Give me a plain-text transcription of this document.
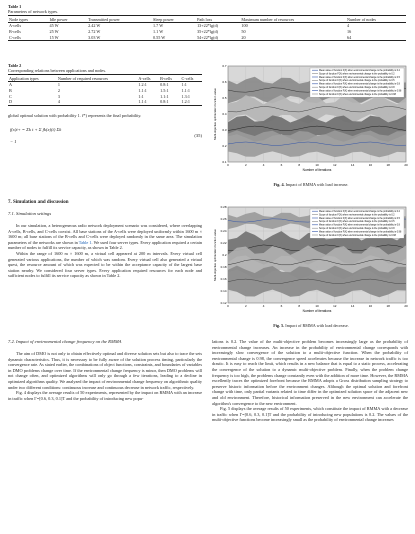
Table 1
Parameters of network types.
Node types	Idle power	Transmitted power	Sleep power	Path loss	Maximum number of resources	Number of nodes
A-cells	45 W	2.42 W	1.7 W	13+22*lg(d)	100	4
B-cells	25 W	2.72 W	1.1 W	35+22*lg(d)	50	16
C-cells	15 W	3.03 W	0.55 W	54+22*lg(d)	20	64
Table 2
Corresponding relations between applications and nodes.
Application types	Number of required resources	A-cells	B-cells	C-cells
A	1	1.2:1	0.8:1	1:1
B	2	1.1:1	1.5:1	1.1:1
C	3	1:1	1.1:1	1.3:1
D	4	1.1:1	0.8:1	1.2:1
global optimal solution with probability 1. f*) represents the final probability.
f(x)t+ = Σk t + Σ fk(x)(t) Σk
− 1
(35)
7. Simulation and discussion
7.1. Simulation settings

In our simulation, a heterogeneous radio network deployment scenario was considered, where overlapping A-cells, B-cells, and C-cells coexist. All base stations of the A-cells were deployed uniformly within 1600 m × 1600 m; all base stations of the B-cells and C-cells were deployed randomly in the same area. The simulation parameters of the networks are shown in Table 1. We used four server types. Every application required a certain number of nodes to fulfill its service capacity, as shown in Table 2.

Within the range of 1600 m × 1600 m, a virtual cell appeared at 200 m intervals. Every virtual cell generated various applications, the number of which was random. Every virtual cell also generated a virtual quest, the resource amount of which was expected to be within the acceptance capacity of the largest base station nearby. We considered four server types. Every application required resources for each node and sufficient nodes to fulfill its service capacity as shown in Table 2.

7.2. Impact of environmental change frequency on the RMMA

The aim of DMO is not only to obtain effectively optimal and diverse solution sets but also to trace the sets dynamic characteristics. Thus, it is necessary to be fully aware of the solution process timing, particularly the convergence rate. As stated earlier, the combinations of object functions, constraints, and boundaries of variables in DMO problems change over time. If the environmental change frequency is minor, then DMO problems will not change often, and optimized algorithms will only go through a few iterations, leading to a decline in optimized algorithms quality. We analyzed the impact of environmental change frequency on algorithmic quality under two different conditions: continuous increase and continuous decrease in network traffic, respectively.

Fig. 4 displays the average results of 50 experiments, represented by the impact on RMMA with an increase in traffic when Γ=[0.6, 0.3, 0.1]T and the probability of introducing new popu-

0	2	4	6	8	10	12	14	16	18	20
0.7
0.6
0.5
0.4
0.3
0.2
0.1
Number of iterations
Multi-objective optimization function value
Mean value of function F(X) when environmental change is the probability is 0.2
Scope of function F(X) when environmental change is the probability is 0.2
Mean value of function F(X) when environmental change is the probability is 0.5
Scope of function F(X) when environmental change is the probability is 0.5
Mean value of function F(X) when environmental change is the probability is 0.8
Scope of function F(X) when environmental change is the probability is 0.8
Mean value of function F(X) when environmental change is the probability is 0.98
Scope of function F(X) when environmental change is the probability is 0.98
Fig. 4. Impact of RMMA with load increase.
0	2	4	6	8	10	12	14	16	18	20
0.28
0.26
0.24
0.22
0.2
0.18
0.16
0.14
0.12
Number of iterations
Multi-objective optimization function value
Mean value of function F(X) when environmental change is the probability is 0.2
Scope of function F(X) when environmental change is the probability is 0.2
Mean value of function F(X) when environmental change is the probability is 0.5
Scope of function F(X) when environmental change is the probability is 0.5
Mean value of function F(X) when environmental change is the probability is 0.8
Scope of function F(X) when environmental change is the probability is 0.8
Mean value of function F(X) when environmental change is the probability is 0.98
Scope of function F(X) when environmental change is the probability is 0.98
Fig. 5. Impact of RMMA with load decrease.

lations is 0.2. The value of the multi-objective problem becomes increasingly large as the probability of environmental change increases. An increase in the probability of environmental change corresponds with increasingly slow convergence of the solution to a multi-objective function. When the probability of environmental change is 0.98, the convergence speed accelerates because the increase in network traffic is too drastic. It is easy to reach the limit, which results in a new balance that is equal to a static process, accelerating the convergence of the solution to a dynamic multi-objective problem. Finally, when the problem change frequency is too high, the problems change constantly even with the addition of more time. However, the RMMA excellently traces the optimized forefront because the RMMA adopts a Gross distribution sampling strategy to preserve historic information before the environment changes. Although the optimal solution and forefront change with time, only partial variants related to time differ in the optimized solution space of the adjacent new and old environment. Therefore, historical information preserved in the new environment can accelerate the algorithm's convergence to the new environment.

Fig. 5 displays the average results of 50 experiments, which constitute the impact of RMMA with a decrease in traffic when Γ=[0.6, 0.3, 0.1]T and the probability of introducing new populations is 0.2. The values of the multi-objective functions become increasingly small as the probability of environmental change increases
